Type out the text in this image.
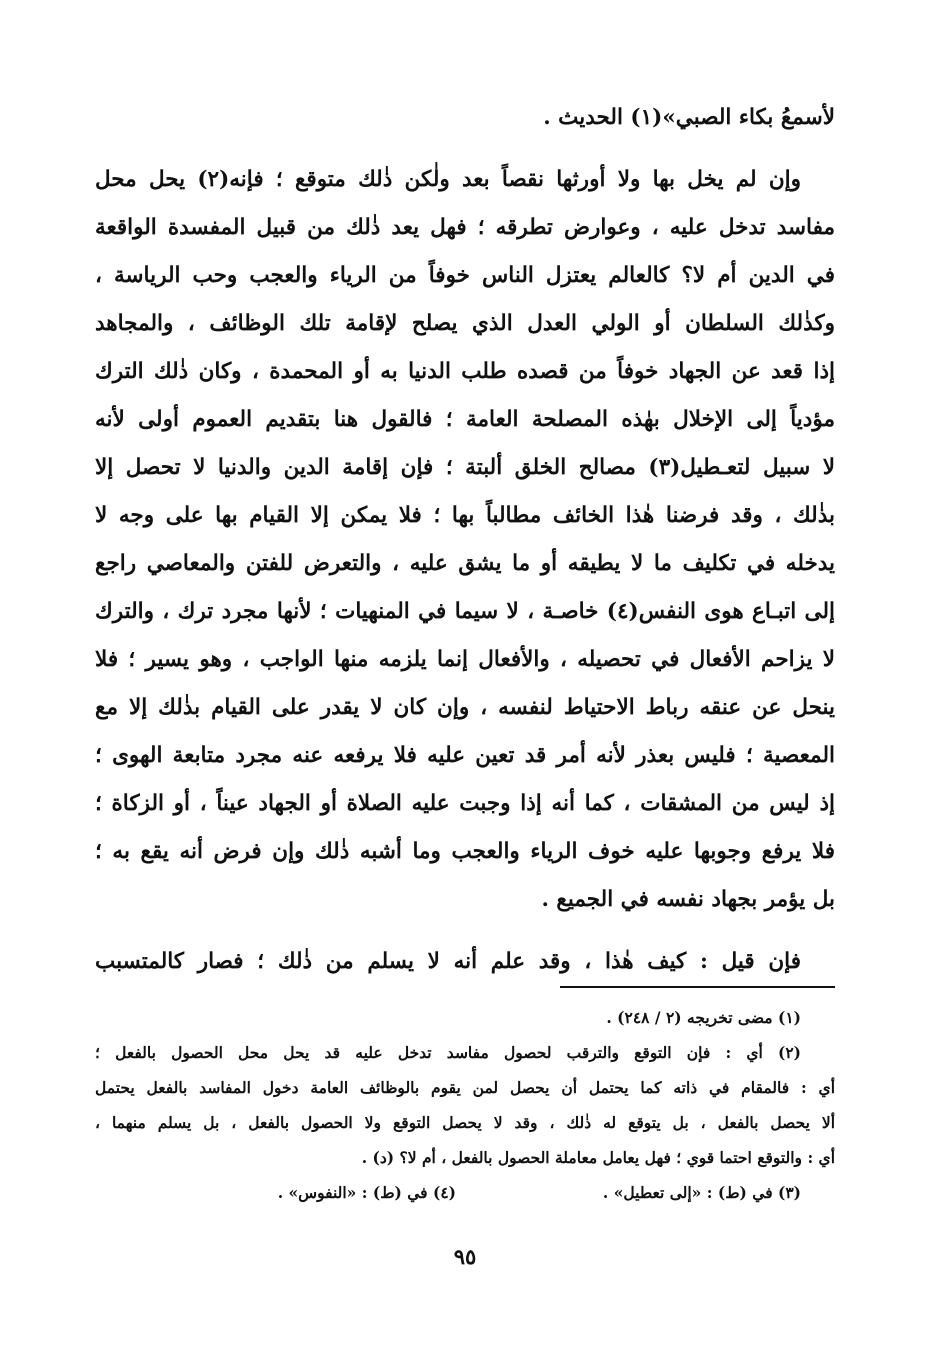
لأسمعُ بكاء الصبي»(١) الحديث .
وإن لم يخل بها ولا أورثها نقصاً بعد ولٰكن ذٰلك متوقع ؛ فإنه(٢) يحل محل
مفاسد تدخل عليه ، وعوارض تطرقه ؛ فهل يعد ذٰلك من قبيل المفسدة الواقعة
في الدين أم لا؟ كالعالم يعتزل الناس خوفاً من الرياء والعجب وحب الرياسة ،
وكذٰلك السلطان أو الولي العدل الذي يصلح لإقامة تلك الوظائف ، والمجاهد
إذا قعد عن الجهاد خوفاً من قصده طلب الدنيا به أو المحمدة ، وكان ذٰلك الترك
مؤدياً إلى الإخلال بهٰذه المصلحة العامة ؛ فالقول هنا بتقديم العموم أولى لأنه
لا سبيل لتعـطيل(٣) مصالح الخلق ألبتة ؛ فإن إقامة الدين والدنيا لا تحصل إلا
بذٰلك ، وقد فرضنا هٰذا الخائف مطالباً بها ؛ فلا يمكن إلا القيام بها على وجه لا
يدخله في تكليف ما لا يطيقه أو ما يشق عليه ، والتعرض للفتن والمعاصي راجع
إلى اتبـاع هوى النفس(٤) خاصـة ، لا سيما في المنهيات ؛ لأنها مجرد ترك ، والترك
لا يزاحم الأفعال في تحصيله ، والأفعال إنما يلزمه منها الواجب ، وهو يسير ؛ فلا
ينحل عن عنقه رباط الاحتياط لنفسه ، وإن كان لا يقدر على القيام بذٰلك إلا مع
المعصية ؛ فليس بعذر لأنه أمر قد تعين عليه فلا يرفعه عنه مجرد متابعة الهوى ؛
إذ ليس من المشقات ، كما أنه إذا وجبت عليه الصلاة أو الجهاد عيناً ، أو الزكاة ؛
فلا يرفع وجوبها عليه خوف الرياء والعجب وما أشبه ذٰلك وإن فرض أنه يقع به ؛
بل يؤمر بجهاد نفسه في الجميع .
فإن قيل : كيف هٰذا ، وقد علم أنه لا يسلم من ذٰلك ؛ فصار كالمتسبب
(١) مضى تخريجه (٢ / ٢٤٨) .
(٢) أي : فإن التوقع والترقب لحصول مفاسد تدخل عليه قد يحل محل الحصول بالفعل ؛
أي : فالمقام في ذاته كما يحتمل أن يحصل لمن يقوم بالوظائف العامة دخول المفاسد بالفعل يحتمل
ألا يحصل بالفعل ، بل يتوقع له ذٰلك ، وقد لا يحصل التوقع ولا الحصول بالفعل ، بل يسلم منهما ،
أي : والتوقع احتما قوي ؛ فهل يعامل معاملة الحصول بالفعل ، أم لا؟ (د) .
(٣) في (ط) : «إلى تعطيل» .
(٤) في (ط) : «النفوس» .
٩٥
